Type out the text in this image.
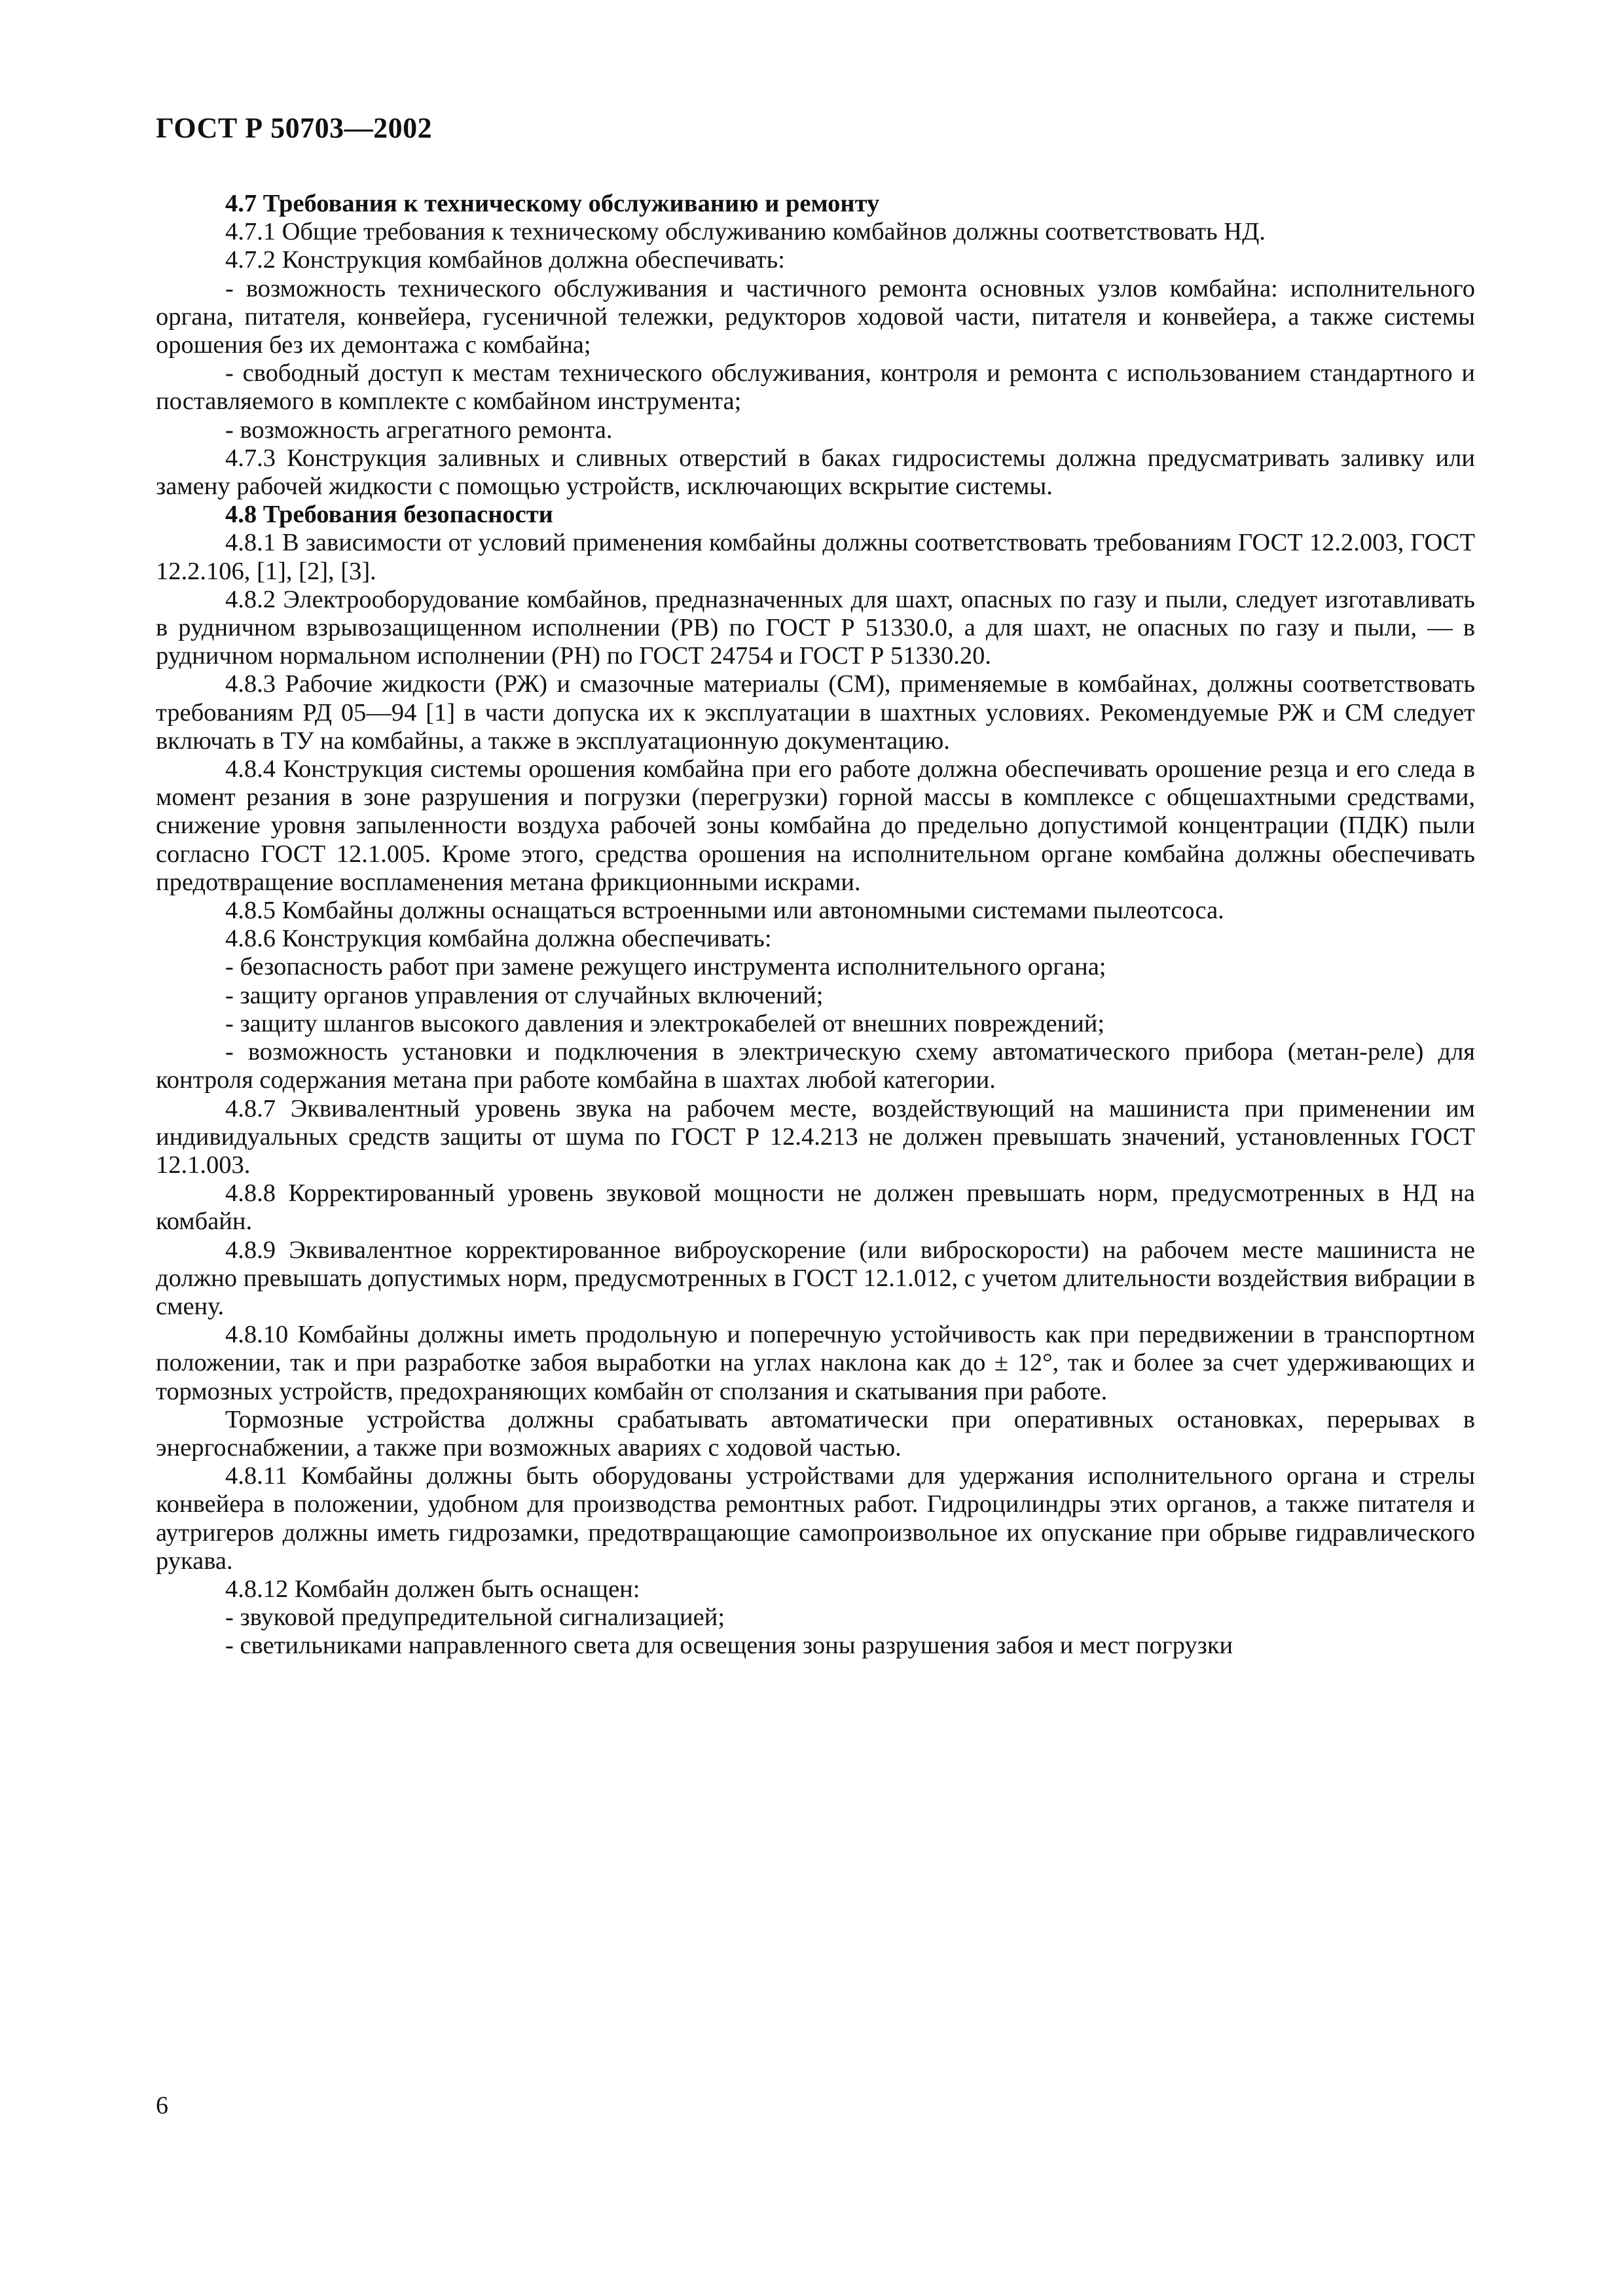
ГОСТ Р 50703—2002

4.7 Требования к техническому обслуживанию и ремонту

4.7.1 Общие требования к техническому обслуживанию комбайнов должны соответствовать НД.

4.7.2 Конструкция комбайнов должна обеспечивать:

- возможность технического обслуживания и частичного ремонта основных узлов комбайна: исполнительного органа, питателя, конвейера, гусеничной тележки, редукторов ходовой части, питателя и конвейера, а также системы орошения без их демонтажа с комбайна;

- свободный доступ к местам технического обслуживания, контроля и ремонта с использованием стандартного и поставляемого в комплекте с комбайном инструмента;

- возможность агрегатного ремонта.

4.7.3 Конструкция заливных и сливных отверстий в баках гидросистемы должна предусматривать заливку или замену рабочей жидкости с помощью устройств, исключающих вскрытие системы.

4.8 Требования безопасности

4.8.1 В зависимости от условий применения комбайны должны соответствовать требованиям ГОСТ 12.2.003, ГОСТ 12.2.106, [1], [2], [3].

4.8.2 Электрооборудование комбайнов, предназначенных для шахт, опасных по газу и пыли, следует изготавливать в рудничном взрывозащищенном исполнении (РВ) по ГОСТ Р 51330.0, а для шахт, не опасных по газу и пыли, — в рудничном нормальном исполнении (РН) по ГОСТ 24754 и ГОСТ Р 51330.20.

4.8.3 Рабочие жидкости (РЖ) и смазочные материалы (СМ), применяемые в комбайнах, должны соответствовать требованиям РД 05—94 [1] в части допуска их к эксплуатации в шахтных условиях. Рекомендуемые РЖ и СМ следует включать в ТУ на комбайны, а также в эксплуатационную документацию.

4.8.4 Конструкция системы орошения комбайна при его работе должна обеспечивать орошение резца и его следа в момент резания в зоне разрушения и погрузки (перегрузки) горной массы в комплексе с общешахтными средствами, снижение уровня запыленности воздуха рабочей зоны комбайна до предельно допустимой концентрации (ПДК) пыли согласно ГОСТ 12.1.005. Кроме этого, средства орошения на исполнительном органе комбайна должны обеспечивать предотвращение воспламенения метана фрикционными искрами.

4.8.5 Комбайны должны оснащаться встроенными или автономными системами пылеотсоса.

4.8.6 Конструкция комбайна должна обеспечивать:

- безопасность работ при замене режущего инструмента исполнительного органа;

- защиту органов управления от случайных включений;

- защиту шлангов высокого давления и электрокабелей от внешних повреждений;

- возможность установки и подключения в электрическую схему автоматического прибора (метан-реле) для контроля содержания метана при работе комбайна в шахтах любой категории.

4.8.7 Эквивалентный уровень звука на рабочем месте, воздействующий на машиниста при применении им индивидуальных средств защиты от шума по ГОСТ Р 12.4.213 не должен превышать значений, установленных ГОСТ 12.1.003.

4.8.8 Корректированный уровень звуковой мощности не должен превышать норм, предусмотренных в НД на комбайн.

4.8.9 Эквивалентное корректированное виброускорение (или виброскорости) на рабочем месте машиниста не должно превышать допустимых норм, предусмотренных в ГОСТ 12.1.012, с учетом длительности воздействия вибрации в смену.

4.8.10 Комбайны должны иметь продольную и поперечную устойчивость как при передвижении в транспортном положении, так и при разработке забоя выработки на углах наклона как до ± 12°, так и более за счет удерживающих и тормозных устройств, предохраняющих комбайн от сползания и скатывания при работе.

Тормозные устройства должны срабатывать автоматически при оперативных остановках, перерывах в энергоснабжении, а также при возможных авариях с ходовой частью.

4.8.11 Комбайны должны быть оборудованы устройствами для удержания исполнительного органа и стрелы конвейера в положении, удобном для производства ремонтных работ. Гидроцилиндры этих органов, а также питателя и аутригеров должны иметь гидрозамки, предотвращающие самопроизвольное их опускание при обрыве гидравлического рукава.

4.8.12 Комбайн должен быть оснащен:

- звуковой предупредительной сигнализацией;

- светильниками направленного света для освещения зоны разрушения забоя и мест погрузки

6
